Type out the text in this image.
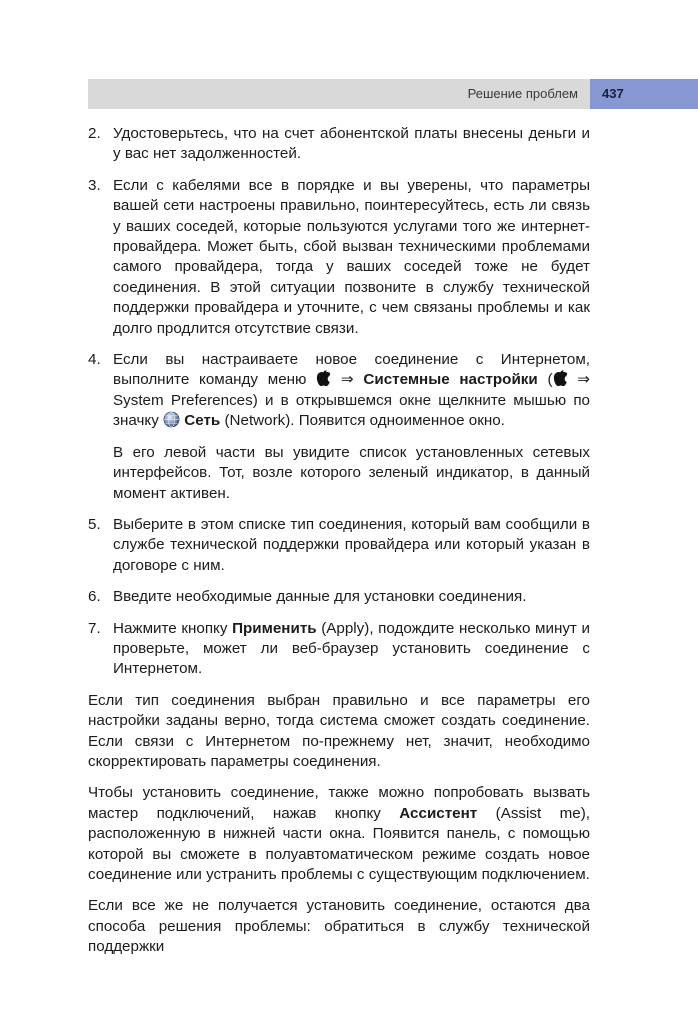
Решение проблем	437
2. Удостоверьтесь, что на счет абонентской платы внесены деньги и у вас нет задолженностей.

3. Если с кабелями все в порядке и вы уверены, что параметры вашей сети настроены правильно, поинтересуйтесь, есть ли связь у ваших соседей, которые пользуются услугами того же интернет-провайдера. Может быть, сбой вызван техническими проблемами самого провайдера, тогда у ваших соседей тоже не будет соединения. В этой ситуации позвоните в службу технической поддержки провайдера и уточните, с чем связаны проблемы и как долго продлится отсутствие связи.

4. Если вы настраиваете новое соединение с Интернетом, выполните команду меню  ⇒ Системные настройки ( ⇒ System Preferences) и в открывшемся окне щелкните мышью по значку  Сеть (Network). Появится одноименное окно.

В его левой части вы увидите список установленных сетевых интерфейсов. Тот, возле которого зеленый индикатор, в данный момент активен.

5. Выберите в этом списке тип соединения, который вам сообщили в службе технической поддержки провайдера или который указан в договоре с ним.

6. Введите необходимые данные для установки соединения.

7. Нажмите кнопку Применить (Apply), подождите несколько минут и проверьте, может ли веб-браузер установить соединение с Интернетом.

Если тип соединения выбран правильно и все параметры его настройки заданы верно, тогда система сможет создать соединение. Если связи с Интернетом по-прежнему нет, значит, необходимо скорректировать параметры соединения.

Чтобы установить соединение, также можно попробовать вызвать мастер подключений, нажав кнопку Ассистент (Assist me), расположенную в нижней части окна. Появится панель, с помощью которой вы сможете в полуавтоматическом режиме создать новое соединение или устранить проблемы с существующим подключением.

Если все же не получается установить соединение, остаются два способа решения проблемы: обратиться в службу технической поддержки
